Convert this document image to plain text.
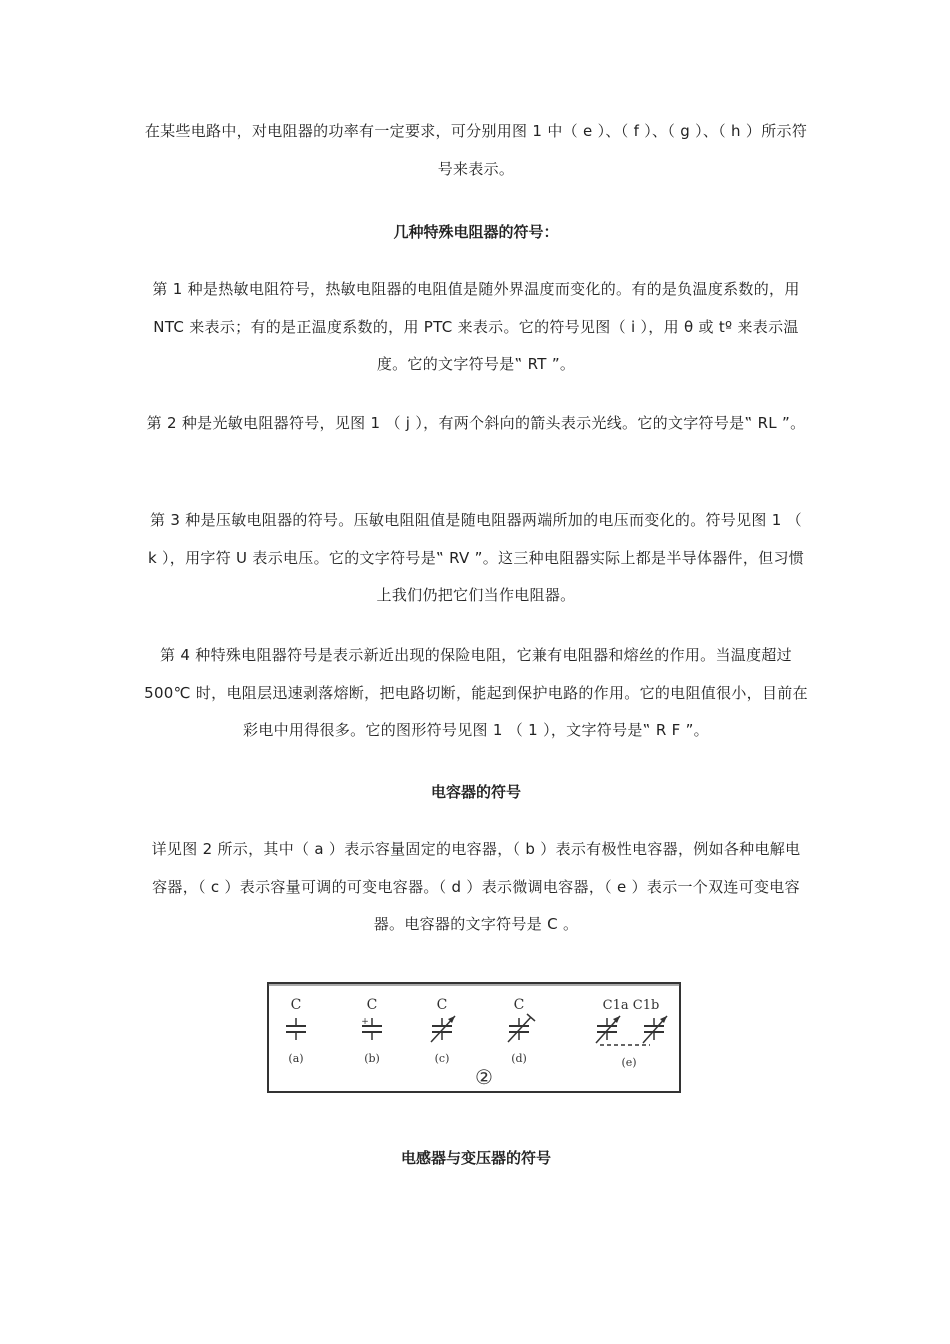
在某些电路中，对电阻器的功率有一定要求，可分别用图 1 中（ e ）、（ f ）、（ g ）、（ h ）所示符号来表示。

几种特殊电阻器的符号：

第 1 种是热敏电阻符号，热敏电阻器的电阻值是随外界温度而变化的。有的是负温度系数的，用 NTC 来表示；有的是正温度系数的，用 PTC 来表示。它的符号见图（ i ），用 θ 或 tº 来表示温度。它的文字符号是‟ RT ”。

第 2 种是光敏电阻器符号，见图 1 （ j ），有两个斜向的箭头表示光线。它的文字符号是‟ RL ”。

第 3 种是压敏电阻器的符号。压敏电阻阻值是随电阻器两端所加的电压而变化的。符号见图 1 （ k ），用字符 U 表示电压。它的文字符号是‟ RV ”。这三种电阻器实际上都是半导体器件，但习惯上我们仍把它们当作电阻器。

第 4 种特殊电阻器符号是表示新近出现的保险电阻，它兼有电阻器和熔丝的作用。当温度超过 500℃ 时，电阻层迅速剥落熔断，把电路切断，能起到保护电路的作用。它的电阻值很小，目前在彩电中用得很多。它的图形符号见图 1 （ 1 ），文字符号是‟ R F ”。

电容器的符号

详见图 2 所示，其中（ a ）表示容量固定的电容器，（ b ）表示有极性电容器，例如各种电解电容器，（ c ）表示容量可调的可变电容器。（ d ）表示微调电容器，（ e ）表示一个双连可变电容器。电容器的文字符号是 C 。

C
(a)
C
+
(b)
C
(c)
C
(d)
C1a C1b
(e)
②
电感器与变压器的符号
